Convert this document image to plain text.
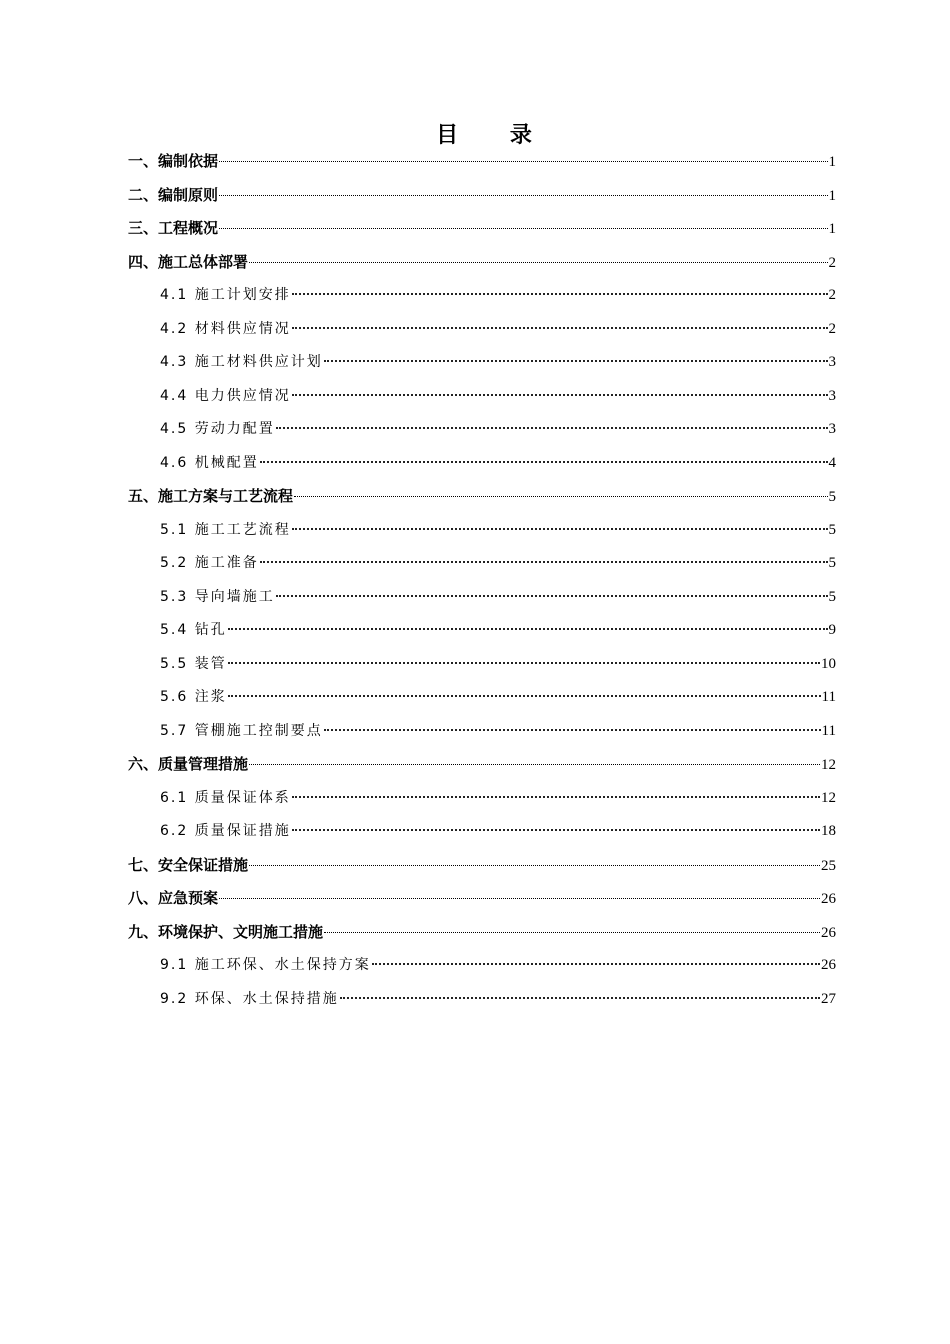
目 录
一、编制依据	1
二、编制原则	1
三、工程概况	1
四、施工总体部署	2
4.1 施工计划安排	2
4.2 材料供应情况	2
4.3 施工材料供应计划	3
4.4 电力供应情况	3
4.5 劳动力配置	3
4.6 机械配置	4
五、施工方案与工艺流程	5
5.1 施工工艺流程	5
5.2 施工准备	5
5.3 导向墙施工	5
5.4 钻孔	9
5.5 装管	10
5.6 注浆	11
5.7 管棚施工控制要点	11
六、质量管理措施	12
6.1 质量保证体系	12
6.2 质量保证措施	18
七、安全保证措施	25
八、应急预案	26
九、环境保护、文明施工措施	26
9.1 施工环保、水土保持方案	26
9.2 环保、水土保持措施	27
